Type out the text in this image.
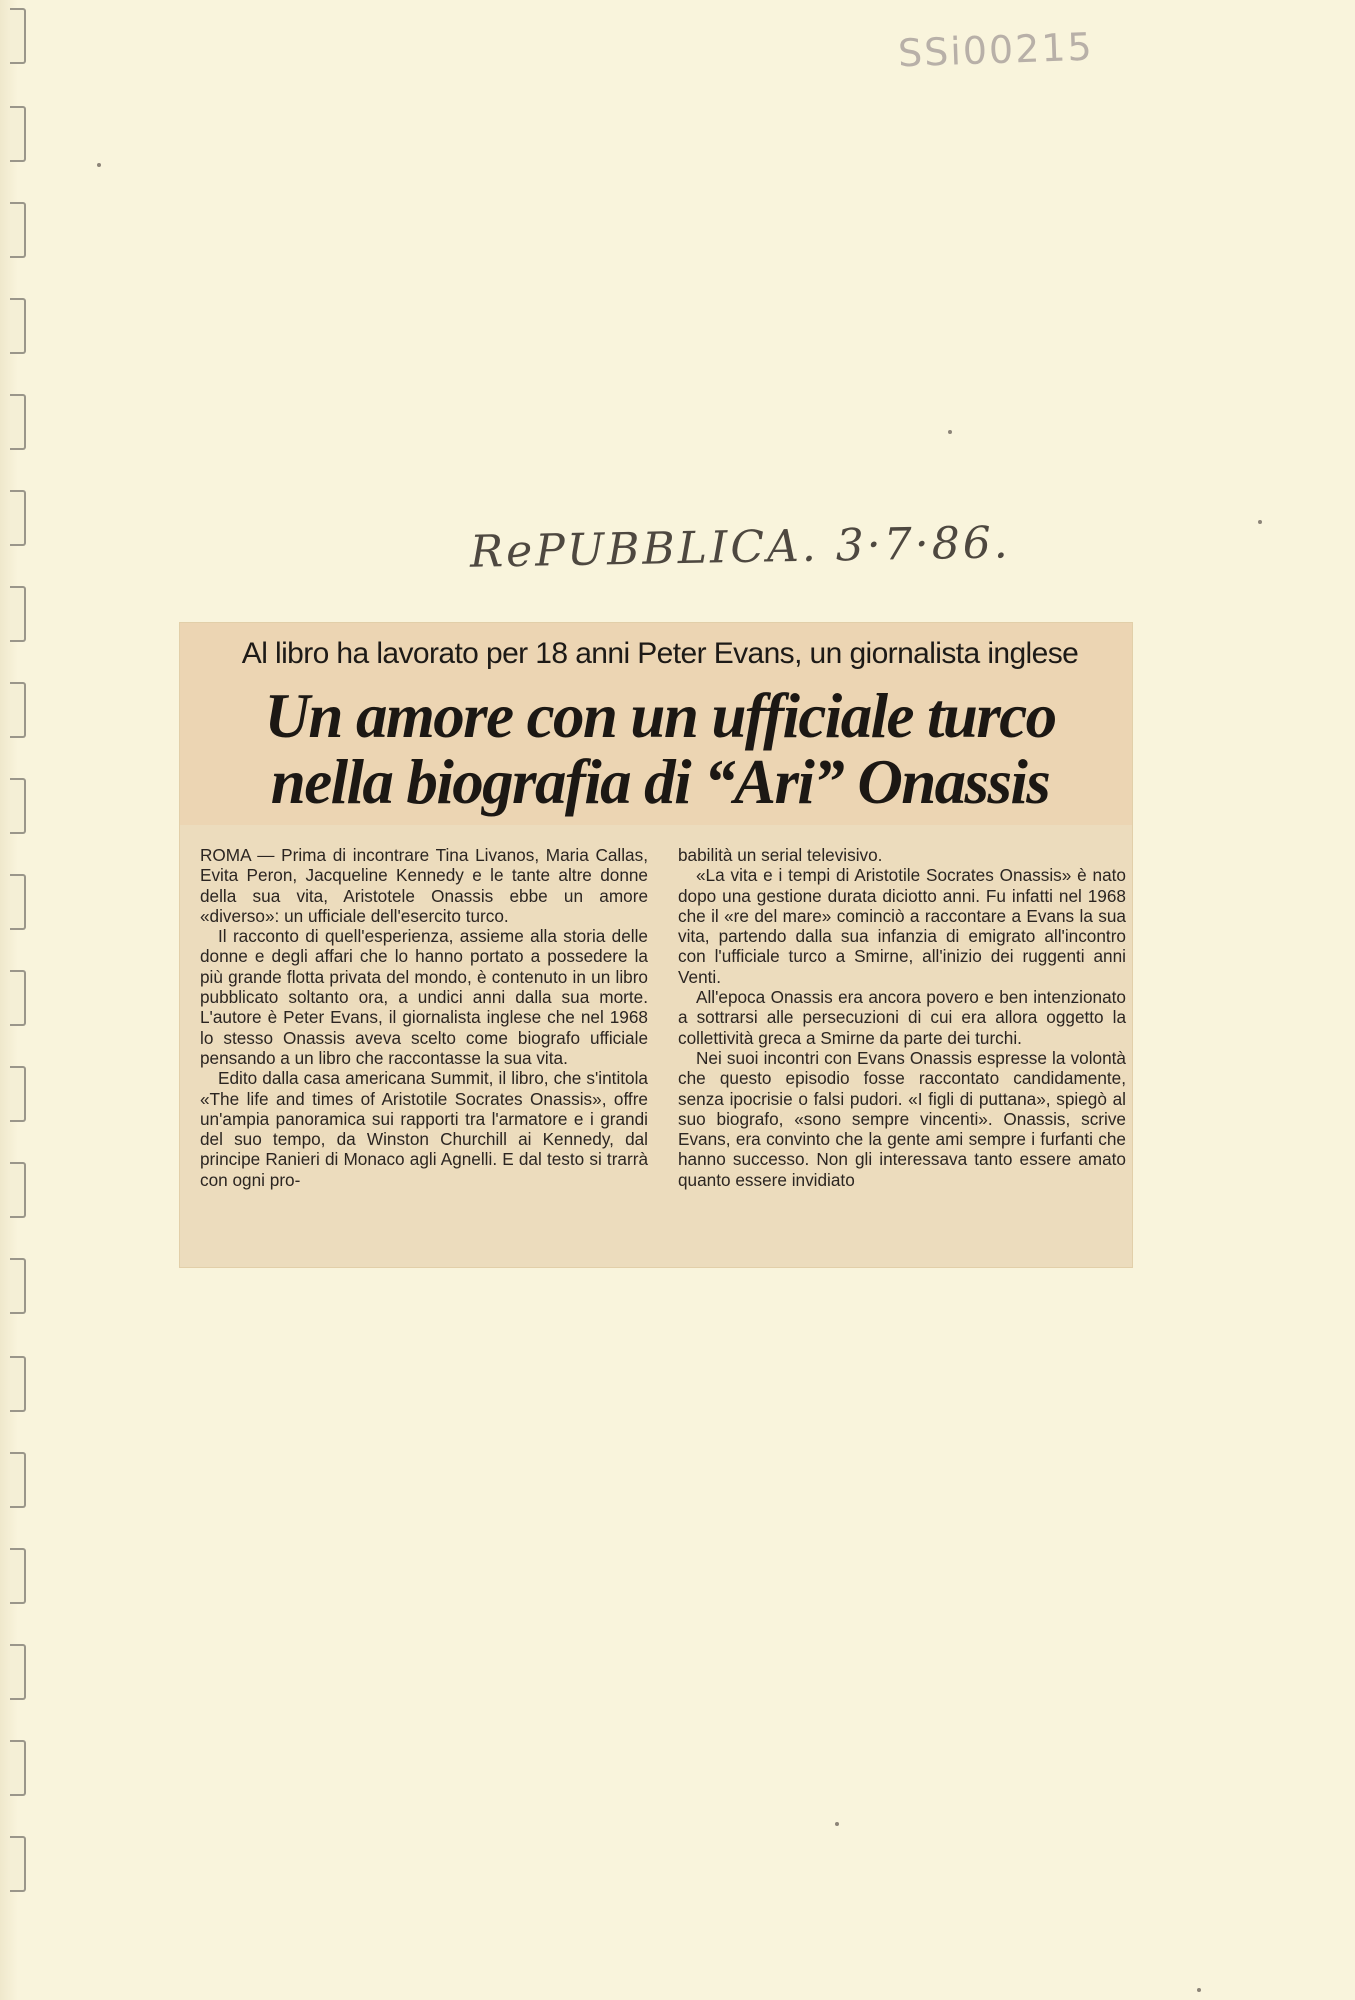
SSi00215
RePUBBLICA. 3·7·86.
Al libro ha lavorato per 18 anni Peter Evans, un giornalista inglese
Un amore con un ufficiale turco
nella biografia di “Ari” Onassis

ROMA — Prima di incontrare Tina Livanos, Maria Callas, Evita Peron, Jacqueline Kennedy e le tante altre donne della sua vita, Aristotele Onassis ebbe un amore «diverso»: un ufficiale dell'esercito turco.

Il racconto di quell'esperienza, assieme alla storia delle donne e degli affari che lo hanno portato a possedere la più grande flotta privata del mondo, è contenuto in un libro pubblicato soltanto ora, a undici anni dalla sua morte. L'autore è Peter Evans, il giornalista inglese che nel 1968 lo stesso Onassis aveva scelto come biografo ufficiale pensando a un libro che raccontasse la sua vita.

Edito dalla casa americana Summit, il libro, che s'intitola «The life and times of Aristotile Socrates Onassis», offre un'ampia panoramica sui rapporti tra l'armatore e i grandi del suo tempo, da Winston Churchill ai Kennedy, dal principe Ranieri di Monaco agli Agnelli. E dal testo si trarrà con ogni pro-

babilità un serial televisivo.

«La vita e i tempi di Aristotile Socrates Onassis» è nato dopo una gestione durata diciotto anni. Fu infatti nel 1968 che il «re del mare» cominciò a raccontare a Evans la sua vita, partendo dalla sua infanzia di emigrato all'incontro con l'ufficiale turco a Smirne, all'inizio dei ruggenti anni Venti.

All'epoca Onassis era ancora povero e ben intenzionato a sottrarsi alle persecuzioni di cui era allora oggetto la collettività greca a Smirne da parte dei turchi.

Nei suoi incontri con Evans Onassis espresse la volontà che questo episodio fosse raccontato candidamente, senza ipocrisie o falsi pudori. «I figli di puttana», spiegò al suo biografo, «sono sempre vincenti». Onassis, scrive Evans, era convinto che la gente ami sempre i furfanti che hanno successo. Non gli interessava tanto essere amato quanto essere invidiato
